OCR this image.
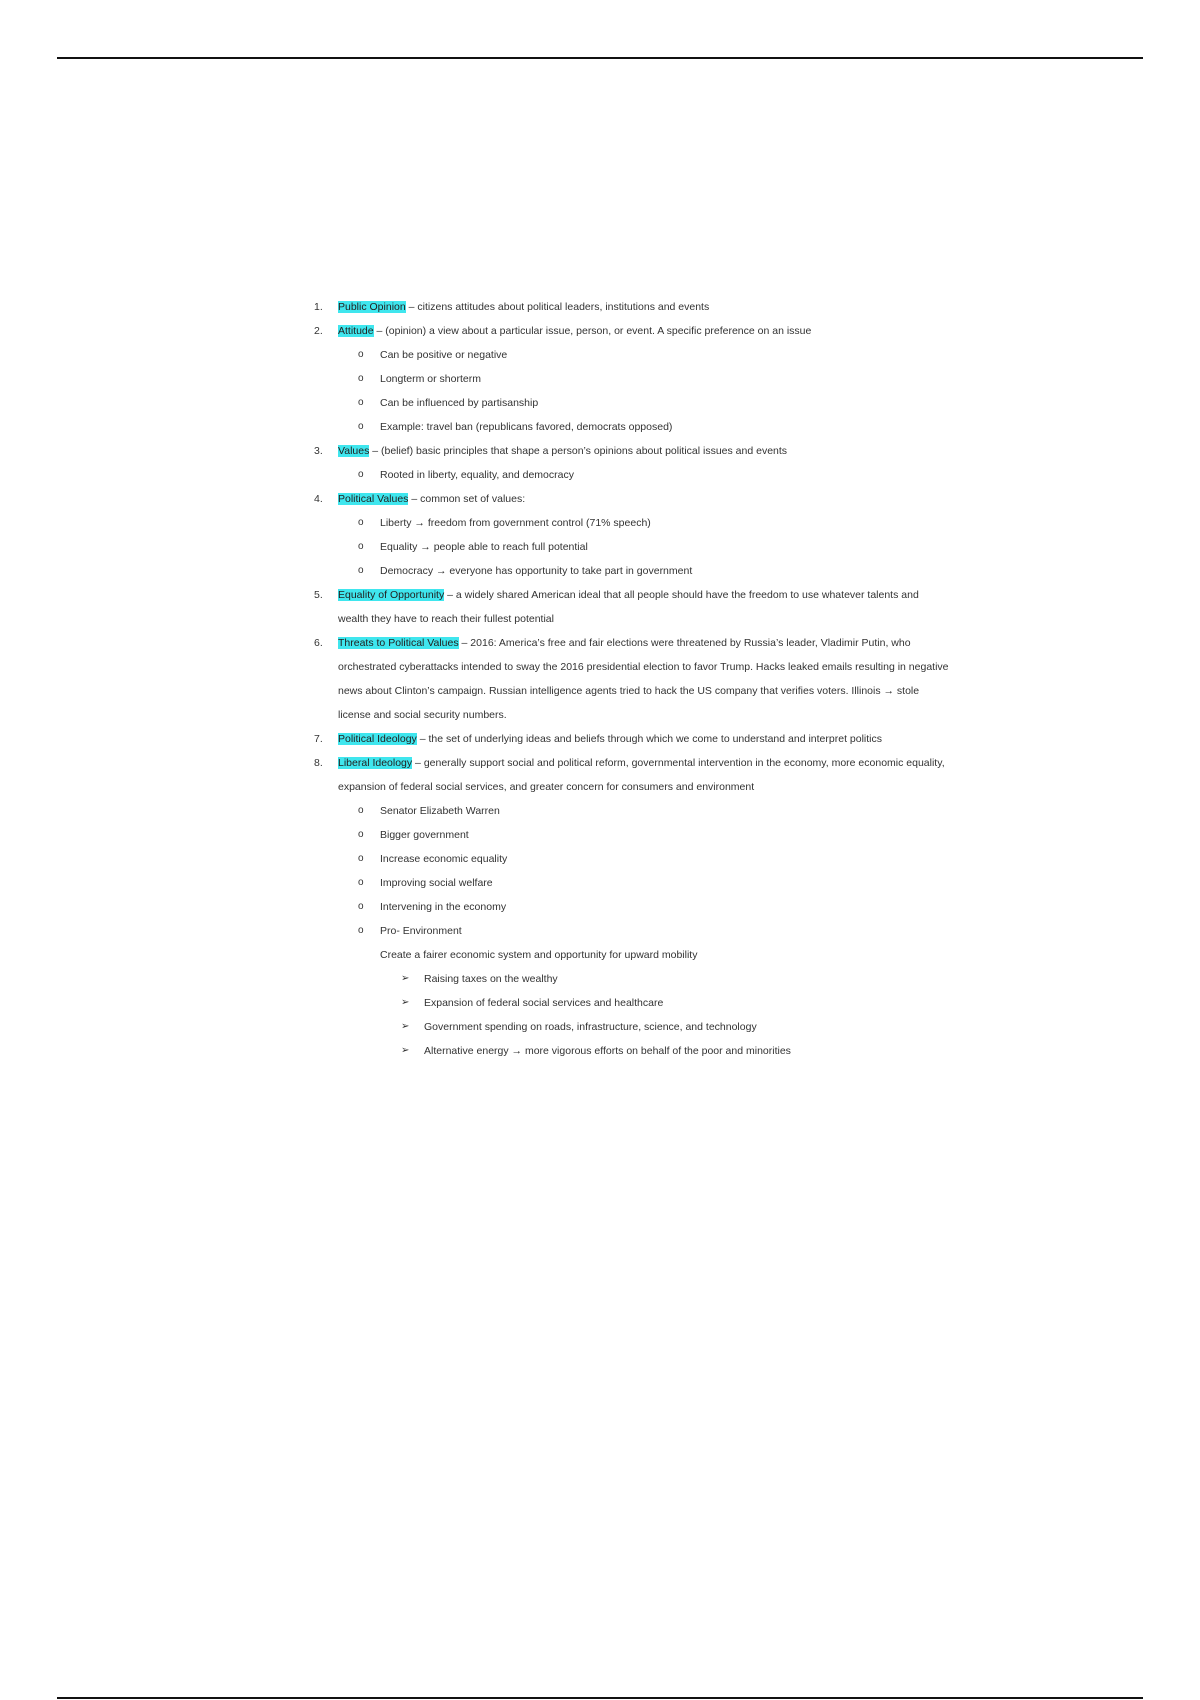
1. Public Opinion – citizens attitudes about political leaders, institutions and events

2. Attitude – (opinion) a view about a particular issue, person, or event. A specific preference on an issue

o Can be positive or negative

o Longterm or shorterm

o Can be influenced by partisanship

o Example: travel ban (republicans favored, democrats opposed)

3. Values – (belief) basic principles that shape a person’s opinions about political issues and events

o Rooted in liberty, equality, and democracy

4. Political Values – common set of values:

o Liberty → freedom from government control (71% speech)

o Equality → people able to reach full potential

o Democracy → everyone has opportunity to take part in government

5. Equality of Opportunity – a widely shared American ideal that all people should have the freedom to use whatever talents and wealth they have to reach their fullest potential

6. Threats to Political Values – 2016: America’s free and fair elections were threatened by Russia’s leader, Vladimir Putin, who orchestrated cyberattacks intended to sway the 2016 presidential election to favor Trump. Hacks leaked emails resulting in negative news about Clinton’s campaign. Russian intelligence agents tried to hack the US company that verifies voters. Illinois → stole license and social security numbers.

7. Political Ideology – the set of underlying ideas and beliefs through which we come to understand and interpret politics

8. Liberal Ideology – generally support social and political reform, governmental intervention in the economy, more economic equality, expansion of federal social services, and greater concern for consumers and environment

o Senator Elizabeth Warren

o Bigger government

o Increase economic equality

o Improving social welfare

o Intervening in the economy

o Pro- Environment

Create a fairer economic system and opportunity for upward mobility

➢ Raising taxes on the wealthy

➢ Expansion of federal social services and healthcare

➢ Government spending on roads, infrastructure, science, and technology

➢ Alternative energy → more vigorous efforts on behalf of the poor and minorities
